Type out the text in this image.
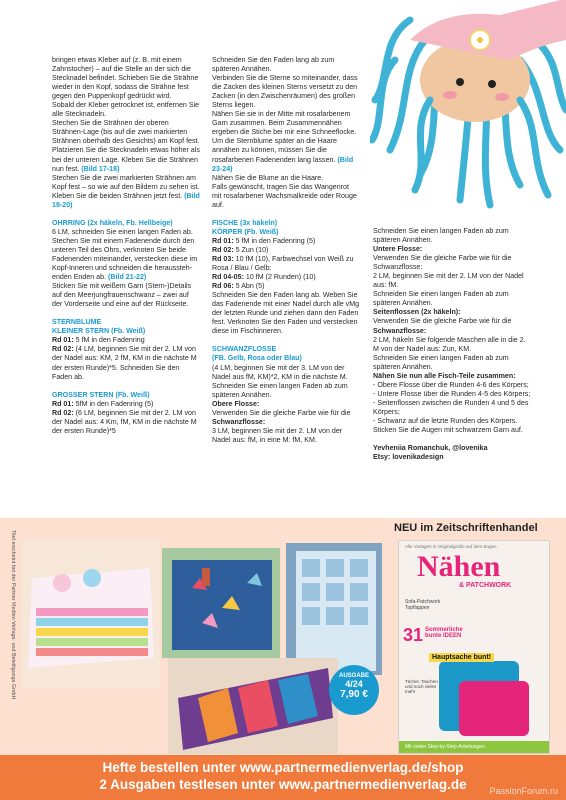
bringen etwas Kleber auf (z. B. mit einem Zahnstocher) – auf die Stelle an der sich die Stecknadel befindet. Schieben Sie die Strähne wieder in den Kopf, sodass die Strähne fest gegen den Puppenkopf gedrückt wird.

Sobald der Kleber getrocknet ist, entfernen Sie alle Stecknadeln.

Stechen Sie die Strähnen der oberen Strähnen-Lage (bis auf die zwei markierten Strähnen oberhalb des Gesichts) am Kopf fest. Platzieren Sie die Stecknadeln etwas höher als bei der unteren Lage. Kleben Sie die Strähnen nun fest. (Bild 17-18)

Stechen Sie die zwei markierten Strähnen am Kopf fest – so wie auf den Bildern zu sehen ist. Kleben Sie die beiden Strähnen jetzt fest. (Bild 19-20)

OHRRING (2x häkeln, Fb. Hellbeige)

6 LM, schneiden Sie einen langen Faden ab. Stechen Sie mit einem Fadenende durch den unteren Teil des Ohrs, verknoten Sie beide Fadenenden miteinander, verstecken diese im Kopf-Inneren und schneiden die heraussteh-enden Enden ab. (Bild 21-22)

Sticken Sie mit weißem Garn (Stern-)Details auf den Meerjungfrauenschwanz – zwei auf der Vorderseite und eine auf der Rückseite.

STERNBLUME

KLEINER STERN (Fb. Weiß)

Rd 01: 5 fM in den Fadenring

Rd 02: (4 LM, beginnen Sie mit der 2. LM von der Nadel aus: KM, 2 fM, KM in die nächste M der ersten Runde)*5. Schneiden Sie den Faden ab.

GROSSER STERN (Fb. Weiß)

Rd 01: 5fM in den Fadenring (5)

Rd 02: (6 LM, beginnen Sie mit der 2. LM von der Nadel aus: 4 Km, fM, KM in die nächste M der ersten Runde)*5

Schneiden Sie den Faden lang ab zum späteren Annähen.

Verbinden Sie die Sterne so miteinander, dass die Zacken des kleinen Sterns versetzt zu den Zacken (in den Zwischenräumen) des großen Sterns liegen.

Nähen Sie sie in der Mitte mit rosafarbenem Garn zusammen. Beim Zusammennähen ergeben die Stiche bei mir eine Schneeflocke. Um die Sternblume später an die Haare annähen zu können, müssen Sie die rosafarbenen Fadenenden lang lassen. (Bild 23-24)

Nähen Sie die Blume an die Haare.

Falls gewünscht, tragen Sie das Wangenrot mit rosafarbener Wachsmalkreide oder Rouge auf.

FISCHE (3x häkeln)

KÖRPER (Fb. Weiß)

Rd 01: 5 fM in den Fadenring (5)

Rd 02: 5 Zun (10)

Rd 03: 10 fM (10), Farbwechsel von Weiß zu Rosa / Blau / Gelb:

Rd 04-05: 10 fM (2 Runden) (10)

Rd 06: 5 Abn (5)

Schneiden Sie den Faden lang ab. Weben Sie das Fadenende mit einer Nadel durch alle vMg der letzten Runde und ziehen dann den Faden fest. Verknoten Sie den Faden und verstecken diese im Fischinneren.

SCHWANZFLOSSE

(FB. Gelb, Rosa oder Blau)

(4 LM, beginnen Sie mit der 3. LM von der Nadel aus fM, KM)*2, KM in die nächste M. Schneiden Sie einen langen Faden ab zum späteren Annähen.

Obere Flosse:

Verwenden Sie die gleiche Farbe wie für die

Schwanzflosse:

3 LM, beginnen Sie mit der 2. LM von der Nadel aus: fM, in eine M: fM, KM.

Schneiden Sie einen langen Faden ab zum späteren Annähen.

Untere Flosse:

Verwenden Sie die gleiche Farbe wie für die Schwanzflosse:

2 LM, beginnen Sie mit der 2. LM von der Nadel aus: fM.

Schneiden Sie einen langen Faden ab zum späteren Annähen.

Seitenflossen (2x häkeln):

Verwenden Sie die gleiche Farbe wie für die

Schwanzflosse:

2 LM, häkeln Sie folgende Maschen alle in die 2. M von der Nadel aus: Zun, KM.

Schneiden Sie einen langen Faden ab zum späteren Annähen.

Nähen Sie nun alle Fisch-Teile zusammen:

- Obere Flosse über die Runden 4-6 des Körpers;

- Untere Flosse über die Runden 4-5 des Körpers;

- Seitenflossen zwischen die Runden 4 und 5 des Körpers;

- Schwanz auf die letzte Runden des Körpers.

Sticken Sie die Augen mit schwarzem Garn auf.

Yevheniia Romanchuk, @lovenika

Etsy: lovenikadesign

Titel erscheint bei der Partner Medien Verlags- und Beteiligungs GmbH
NEU im Zeitschriftenhandel
Alle Vorlagen in Originalgröße auf dem Bogen
Nähen
& PATCHWORK
Sofa-Patchwork Topflappen
31 Sommerliche bunte IDEEN
Hauptsache bunt!
Tücher, Taschen und noch vieles mehr
Mit vielen Step-by-Step-Anleitungen
AUSGABE
4/24
7,90 €

Hefte bestellen unter www.partnermedienverlag.de/shop

2 Ausgaben testlesen unter www.partnermedienverlag.de	PassionForum.ru
